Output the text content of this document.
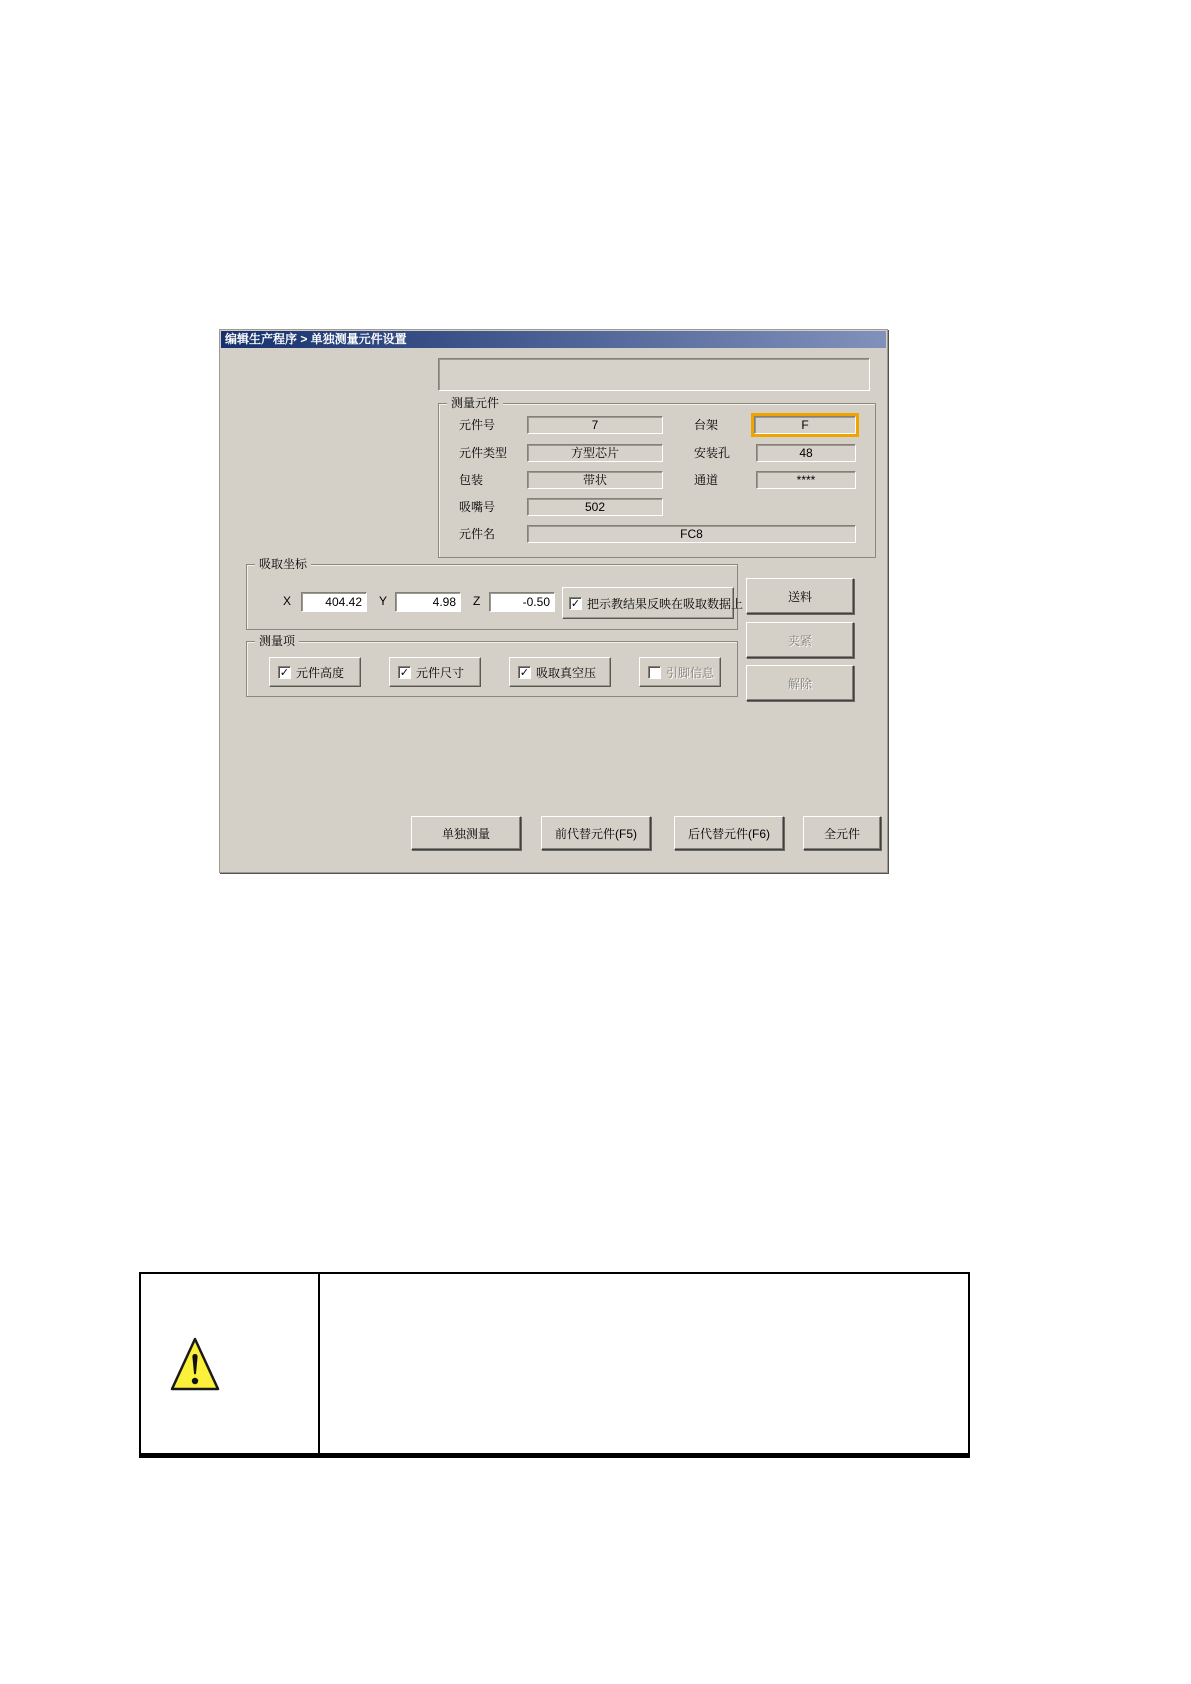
编辑生产程序 > 单独测量元件设置
测量元件
元件号	7	台架	F
元件类型	方型芯片	安装孔	48
包装	带状	通道	****
吸嘴号	502
元件名	FC8
吸取坐标
X
404.42	Y
4.98	Z
-0.50	✓ 把示教结果反映在吸取数据上
测量项
✓ 元件高度	✓ 元件尺寸	✓ 吸取真空压	引脚信息
送料
夹紧
解除
单独测量	前代替元件(F5)	后代替元件(F6)	全元件
